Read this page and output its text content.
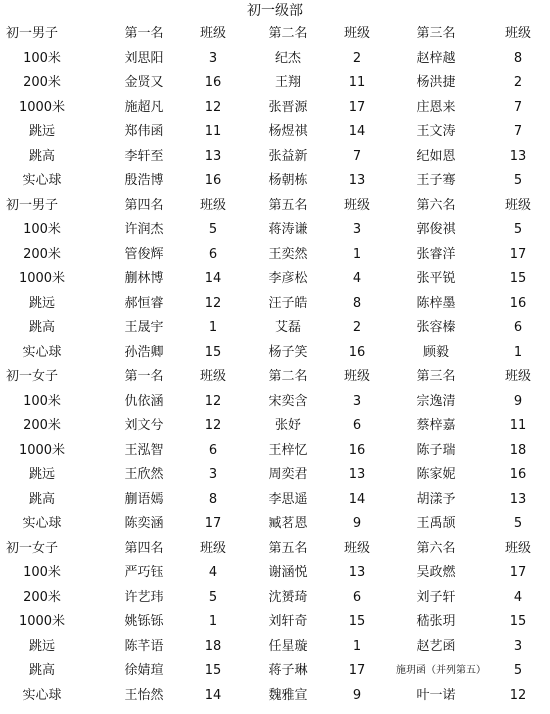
初一级部
初一男子	第一名	班级	第二名	班级	第三名	班级
100米	刘思阳	3	纪杰	2	赵梓越	8
200米	金贤又	16	王翔	11	杨洪捷	2
1000米	施超凡	12	张晋源	17	庄恩来	7
跳远	郑伟函	11	杨煜祺	14	王文涛	7
跳高	李轩至	13	张益新	7	纪如恩	13
实心球	殷浩博	16	杨朝栋	13	王子骞	5
初一男子	第四名	班级	第五名	班级	第六名	班级
100米	许润杰	5	蒋涛谦	3	郭俊祺	5
200米	管俊辉	6	王奕然	1	张睿洋	17
1000米	蒯林博	14	李彦松	4	张平锐	15
跳远	郝恒睿	12	汪子皓	8	陈梓墨	16
跳高	王晟宇	1	艾磊	2	张容榛	6
实心球	孙浩卿	15	杨子笑	16	顾毅	1
初一女子	第一名	班级	第二名	班级	第三名	班级
100米	仇依涵	12	宋奕含	3	宗逸清	9
200米	刘文兮	12	张妤	6	蔡梓嘉	11
1000米	王泓智	6	王梓忆	16	陈子瑞	18
跳远	王欣然	3	周奕君	13	陈家妮	16
跳高	蒯语嫣	8	李思遥	14	胡漾予	13
实心球	陈奕涵	17	臧茗恩	9	王禹颉	5
初一女子	第四名	班级	第五名	班级	第六名	班级
100米	严巧钰	4	谢涵悦	13	吴政燃	17
200米	许艺玮	5	沈赟琦	6	刘子轩	4
1000米	姚铄铄	1	刘轩奇	15	嵇张玥	15
跳远	陈芊语	18	任星璇	1	赵艺函	3
跳高	徐婧瑄	15	蒋子琳	17	施玥函（并列第五）	5
实心球	王怡然	14	魏雅宣	9	叶一诺	12
